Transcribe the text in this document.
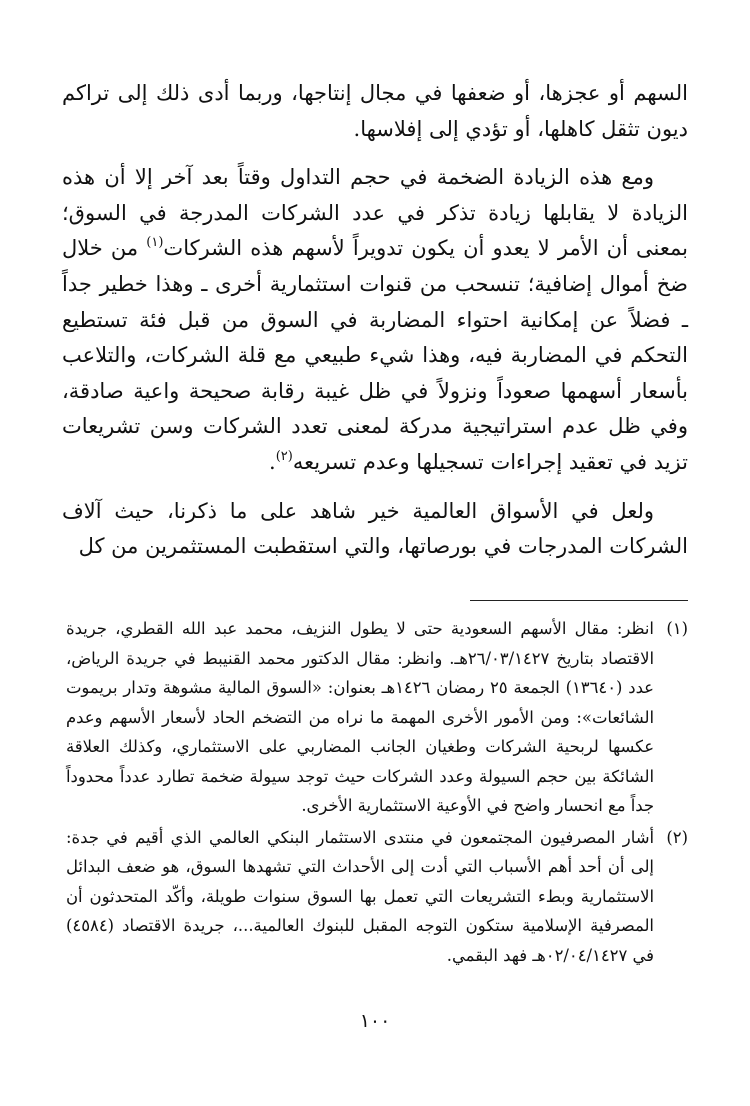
السهم أو عجزها، أو ضعفها في مجال إنتاجها، وربما أدى ذلك إلى تراكم ديون تثقل كاهلها، أو تؤدي إلى إفلاسها.

ومع هذه الزيادة الضخمة في حجم التداول وقتاً بعد آخر إلا أن هذه الزيادة لا يقابلها زيادة تذكر في عدد الشركات المدرجة في السوق؛ بمعنى أن الأمر لا يعدو أن يكون تدويراً لأسهم هذه الشركات$^{(١)}$ من خلال ضخ أموال إضافية؛ تنسحب من قنوات استثمارية أخرى ـ وهذا خطير جداً ـ فضلاً عن إمكانية احتواء المضاربة في السوق من قبل فئة تستطيع التحكم في المضاربة فيه، وهذا شيء طبيعي مع قلة الشركات، والتلاعب بأسعار أسهمها صعوداً ونزولاً في ظل غيبة رقابة صحيحة واعية صادقة، وفي ظل عدم استراتيجية مدركة لمعنى تعدد الشركات وسن تشريعات تزيد في تعقيد إجراءات تسجيلها وعدم تسريعه$^{(٢)}$.

ولعل في الأسواق العالمية خير شاهد على ما ذكرنا، حيث آلاف الشركات المدرجات في بورصاتها، والتي استقطبت المستثمرين من كل

(١)
انظر: مقال الأسهم السعودية حتى لا يطول النزيف، محمد عبد الله القطري، جريدة الاقتصاد بتاريخ ٢٦/٠٣/١٤٢٧هـ. وانظر: مقال الدكتور محمد القنيبط في جريدة الرياض، عدد (١٣٦٤٠) الجمعة ٢٥ رمضان ١٤٢٦هـ بعنوان: «السوق المالية مشوهة وتدار بريموت الشائعات»: ومن الأمور الأخرى المهمة ما نراه من التضخم الحاد لأسعار الأسهم وعدم عكسها لربحية الشركات وطغيان الجانب المضاربي على الاستثماري، وكذلك العلاقة الشائكة بين حجم السيولة وعدد الشركات حيث توجد سيولة ضخمة تطارد عدداً محدوداً جداً مع انحسار واضح في الأوعية الاستثمارية الأخرى.
(٢)
أشار المصرفيون المجتمعون في منتدى الاستثمار البنكي العالمي الذي أقيم في جدة: إلى أن أحد أهم الأسباب التي أدت إلى الأحداث التي تشهدها السوق، هو ضعف البدائل الاستثمارية وبطء التشريعات التي تعمل بها السوق سنوات طويلة، وأكّد المتحدثون أن المصرفية الإسلامية ستكون التوجه المقبل للبنوك العالمية...، جريدة الاقتصاد (٤٥٨٤) في ٠٢/٠٤/١٤٢٧هـ فهد البقمي.
١٠٠
